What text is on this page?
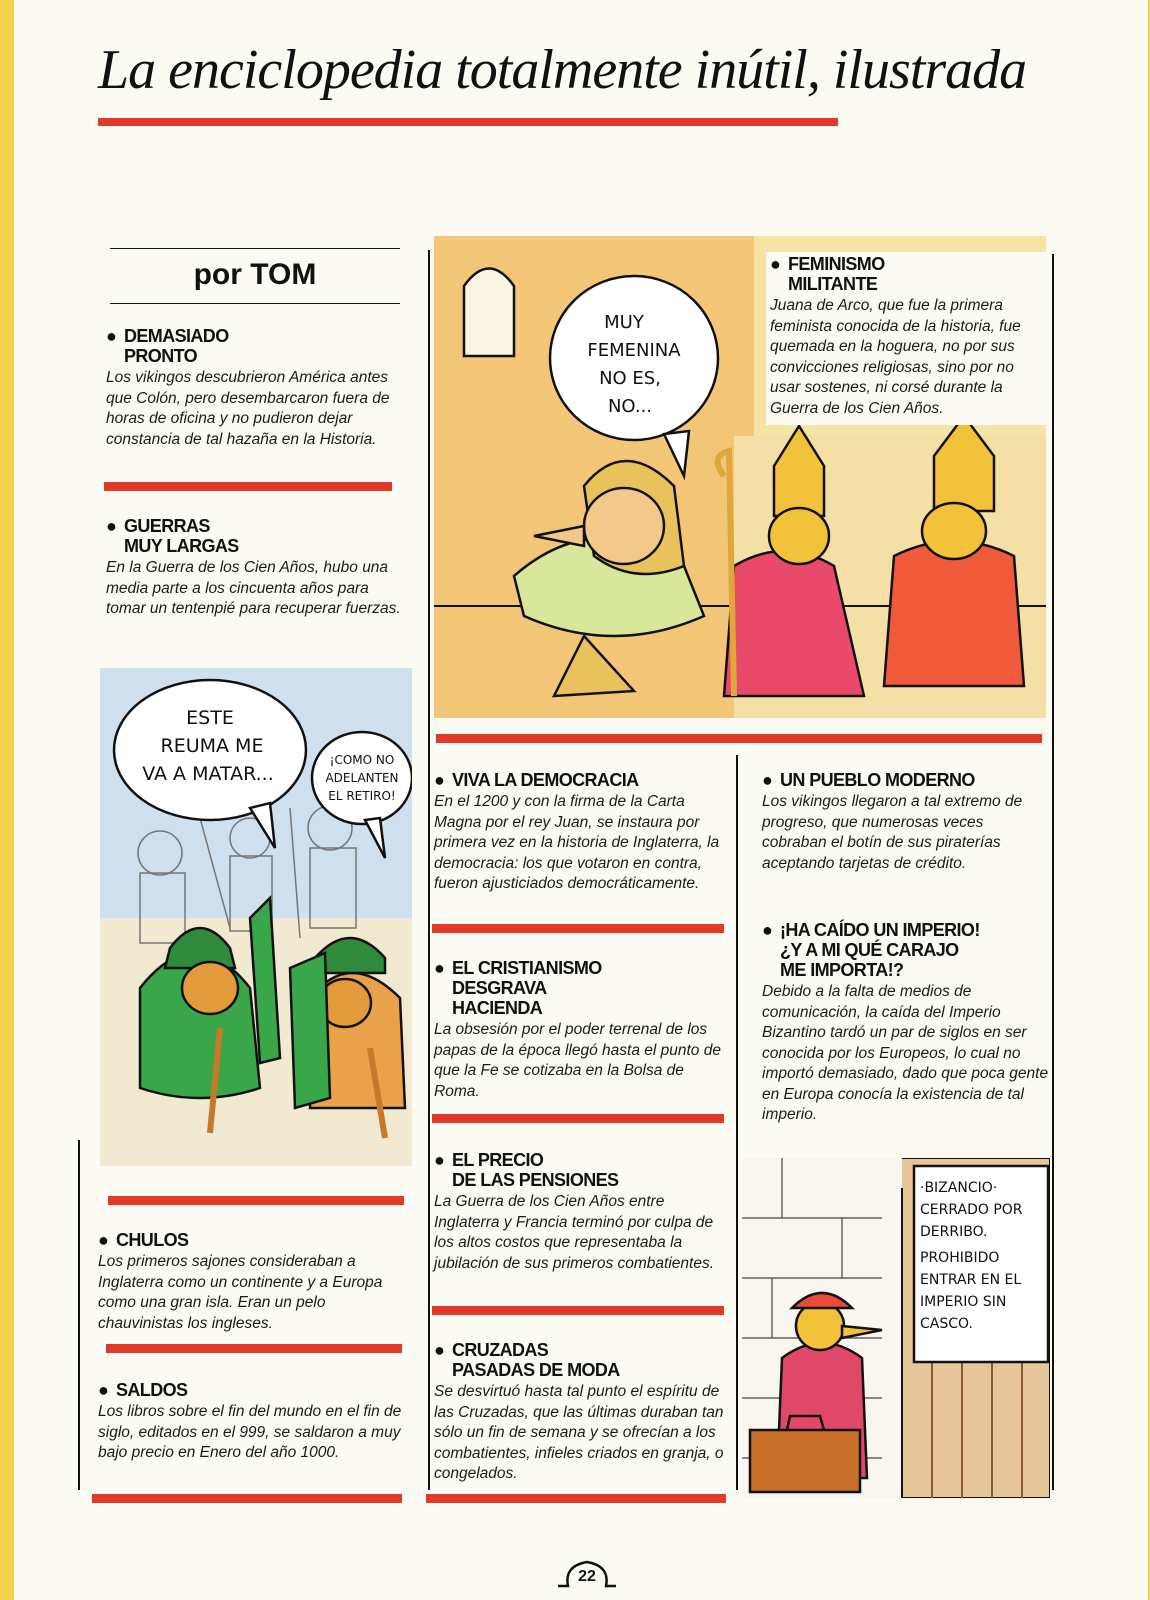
La enciclopedia totalmente inútil, ilustrada
por TOM
● DEMASIADO
PRONTO
Los vikingos descubrieron América antes que Colón, pero desembarcaron fuera de horas de oficina y no pudieron dejar constancia de tal hazaña en la Historia.
● GUERRAS
MUY LARGAS
En la Guerra de los Cien Años, hubo una media parte a los cincuenta años para tomar un tentenpié para recuperar fuerzas.
ESTE
REUMA ME
VA A MATAR...
¡COMO NO
ADELANTEN
EL RETIRO!
● CHULOS
Los primeros sajones consideraban a Inglaterra como un continente y a Europa como una gran isla. Eran un pelo chauvinistas los ingleses.
● SALDOS
Los libros sobre el fin del mundo en el fin de siglo, editados en el 999, se saldaron a muy bajo precio en Enero del año 1000.
MUY
FEMENINA
NO ES,
NO...
● FEMINISMO
MILITANTE
Juana de Arco, que fue la primera feminista conocida de la historia, fue quemada en la hoguera, no por sus convicciones religiosas, sino por no usar sostenes, ni corsé durante la Guerra de los Cien Años.
● VIVA LA DEMOCRACIA
En el 1200 y con la firma de la Carta Magna por el rey Juan, se instaura por primera vez en la historia de Inglaterra, la democracia: los que votaron en contra, fueron ajusticiados democráticamente.
● EL CRISTIANISMO
DESGRAVA
HACIENDA
La obsesión por el poder terrenal de los papas de la época llegó hasta el punto de que la Fe se cotizaba en la Bolsa de Roma.
● EL PRECIO
DE LAS PENSIONES
La Guerra de los Cien Años entre Inglaterra y Francia terminó por culpa de los altos costos que representaba la jubilación de sus primeros combatientes.
● CRUZADAS
PASADAS DE MODA
Se desvirtuó hasta tal punto el espíritu de las Cruzadas, que las últimas duraban tan sólo un fin de semana y se ofrecían a los combatientes, infieles criados en granja, o congelados.
● UN PUEBLO MODERNO
Los vikingos llegaron a tal extremo de progreso, que numerosas veces cobraban el botín de sus piraterías aceptando tarjetas de crédito.
● ¡HA CAÍDO UN IMPERIO!
¿Y A MI QUÉ CARAJO
ME IMPORTA!?
Debido a la falta de medios de comunicación, la caída del Imperio Bizantino tardó un par de siglos en ser conocida por los Europeos, lo cual no importó demasiado, dado que poca gente en Europa conocía la existencia de tal imperio.
·BIZANCIO·
CERRADO POR
DERRIBO.
PROHIBIDO
ENTRAR EN EL
IMPERIO SIN
CASCO.
22
